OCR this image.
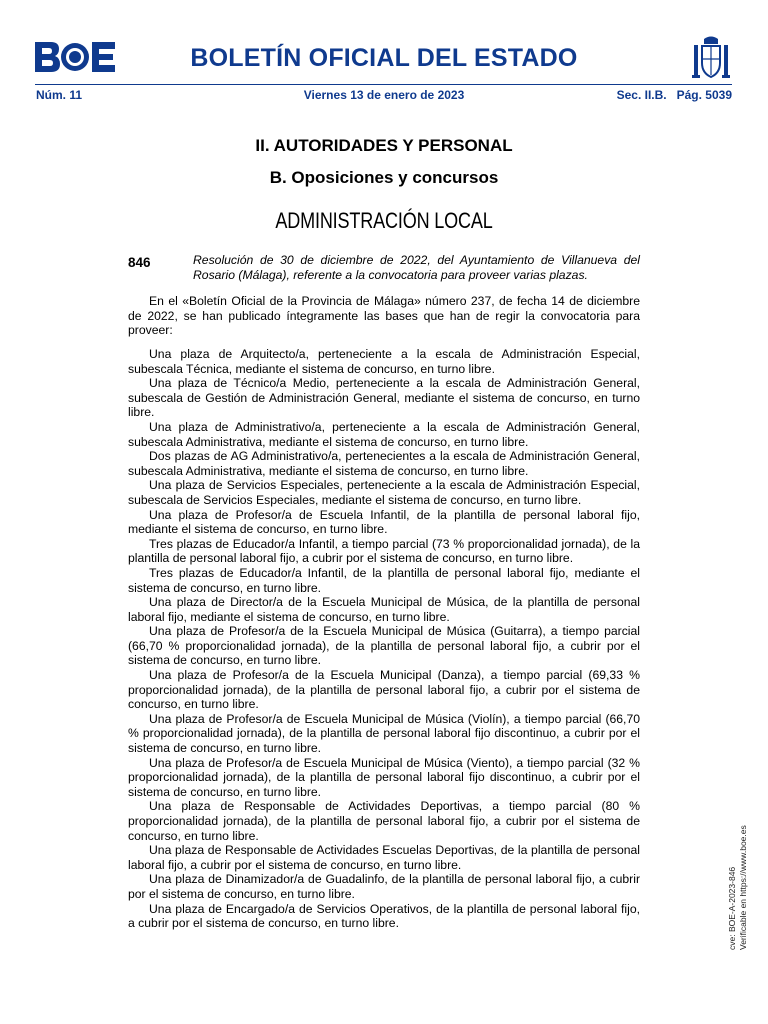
BOLETÍN OFICIAL DEL ESTADO
Núm. 11	Viernes 13 de enero de 2023	Sec. II.B. Pág. 5039
II. AUTORIDADES Y PERSONAL
B. Oposiciones y concursos
ADMINISTRACIÓN LOCAL
846	Resolución de 30 de diciembre de 2022, del Ayuntamiento de Villanueva del Rosario (Málaga), referente a la convocatoria para proveer varias plazas.

En el «Boletín Oficial de la Provincia de Málaga» número 237, de fecha 14 de diciembre de 2022, se han publicado íntegramente las bases que han de regir la convocatoria para proveer:

Una plaza de Arquitecto/a, perteneciente a la escala de Administración Especial, subescala Técnica, mediante el sistema de concurso, en turno libre.

Una plaza de Técnico/a Medio, perteneciente a la escala de Administración General, subescala de Gestión de Administración General, mediante el sistema de concurso, en turno libre.

Una plaza de Administrativo/a, perteneciente a la escala de Administración General, subescala Administrativa, mediante el sistema de concurso, en turno libre.

Dos plazas de AG Administrativo/a, pertenecientes a la escala de Administración General, subescala Administrativa, mediante el sistema de concurso, en turno libre.

Una plaza de Servicios Especiales, perteneciente a la escala de Administración Especial, subescala de Servicios Especiales, mediante el sistema de concurso, en turno libre.

Una plaza de Profesor/a de Escuela Infantil, de la plantilla de personal laboral fijo, mediante el sistema de concurso, en turno libre.

Tres plazas de Educador/a Infantil, a tiempo parcial (73 % proporcionalidad jornada), de la plantilla de personal laboral fijo, a cubrir por el sistema de concurso, en turno libre.

Tres plazas de Educador/a Infantil, de la plantilla de personal laboral fijo, mediante el sistema de concurso, en turno libre.

Una plaza de Director/a de la Escuela Municipal de Música, de la plantilla de personal laboral fijo, mediante el sistema de concurso, en turno libre.

Una plaza de Profesor/a de la Escuela Municipal de Música (Guitarra), a tiempo parcial (66,70 % proporcionalidad jornada), de la plantilla de personal laboral fijo, a cubrir por el sistema de concurso, en turno libre.

Una plaza de Profesor/a de la Escuela Municipal (Danza), a tiempo parcial (69,33 % proporcionalidad jornada), de la plantilla de personal laboral fijo, a cubrir por el sistema de concurso, en turno libre.

Una plaza de Profesor/a de Escuela Municipal de Música (Violín), a tiempo parcial (66,70 % proporcionalidad jornada), de la plantilla de personal laboral fijo discontinuo, a cubrir por el sistema de concurso, en turno libre.

Una plaza de Profesor/a de Escuela Municipal de Música (Viento), a tiempo parcial (32 % proporcionalidad jornada), de la plantilla de personal laboral fijo discontinuo, a cubrir por el sistema de concurso, en turno libre.

Una plaza de Responsable de Actividades Deportivas, a tiempo parcial (80 % proporcionalidad jornada), de la plantilla de personal laboral fijo, a cubrir por el sistema de concurso, en turno libre.

Una plaza de Responsable de Actividades Escuelas Deportivas, de la plantilla de personal laboral fijo, a cubrir por el sistema de concurso, en turno libre.

Una plaza de Dinamizador/a de Guadalinfo, de la plantilla de personal laboral fijo, a cubrir por el sistema de concurso, en turno libre.

Una plaza de Encargado/a de Servicios Operativos, de la plantilla de personal laboral fijo, a cubrir por el sistema de concurso, en turno libre.	cve: BOE-A-2023-846 Verificable en https://www.boe.es
